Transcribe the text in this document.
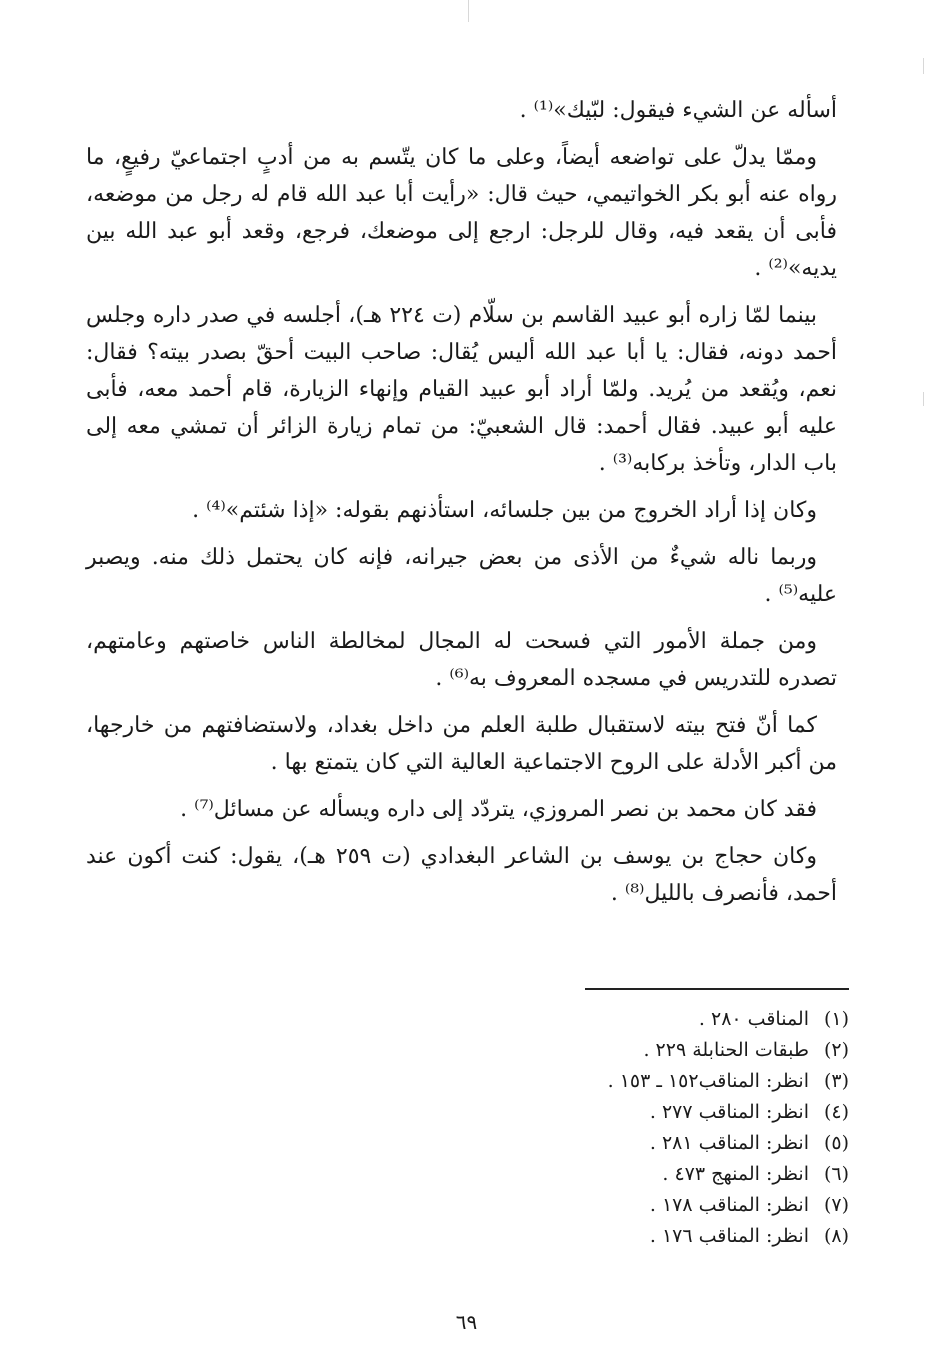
أسأله عن الشيء فيقول: لبّيك»⁽¹⁾ .

وممّا يدلّ على تواضعه أيضاً، وعلى ما كان يتّسم به من أدبٍ اجتماعيّ رفيعٍ، ما رواه عنه أبو بكر الخواتيمي، حيث قال: «رأيت أبا عبد الله قام له رجل من موضعه، فأبى أن يقعد فيه، وقال للرجل: ارجع إلى موضعك، فرجع، وقعد أبو عبد الله بين يديه»⁽²⁾ .

بينما لمّا زاره أبو عبيد القاسم بن سلّام (ت ٢٢٤ هـ)، أجلسه في صدر داره وجلس أحمد دونه، فقال: يا أبا عبد الله أليس يُقال: صاحب البيت أحقّ بصدر بيته؟ فقال: نعم، ويُقعد من يُريد. ولمّا أراد أبو عبيد القيام وإنهاء الزيارة، قام أحمد معه، فأبى عليه أبو عبيد. فقال أحمد: قال الشعبيّ: من تمام زيارة الزائر أن تمشي معه إلى باب الدار، وتأخذ بركابه⁽³⁾ .

وكان إذا أراد الخروج من بين جلسائه، استأذنهم بقوله: «إذا شئتم»⁽⁴⁾ .

وربما ناله شيءٌ من الأذى من بعض جيرانه، فإنه كان يحتمل ذلك منه. ويصبر عليه⁽⁵⁾ .

ومن جملة الأمور التي فسحت له المجال لمخالطة الناس خاصتهم وعامتهم، تصدره للتدريس في مسجده المعروف به⁽⁶⁾ .

كما أنّ فتح بيته لاستقبال طلبة العلم من داخل بغداد، ولاستضافتهم من خارجها، من أكبر الأدلة على الروح الاجتماعية العالية التي كان يتمتع بها .

فقد كان محمد بن نصر المروزي، يتردّد إلى داره ويسأله عن مسائل⁽⁷⁾ .

وكان حجاج بن يوسف بن الشاعر البغدادي (ت ٢٥٩ هـ)، يقول: كنت أكون عند أحمد، فأنصرف بالليل⁽⁸⁾ .

(١)
المناقب ٢٨٠ .
(٢)
طبقات الحنابلة ٢٢٩ .
(٣)
انظر: المناقب١٥٢ ـ ١٥٣ .
(٤)
انظر: المناقب ٢٧٧ .
(٥)
انظر: المناقب ٢٨١ .
(٦)
انظر: المنهج ٤٧٣ .
(٧)
انظر: المناقب ١٧٨ .
(٨)
انظر: المناقب ١٧٦ .
٦٩
